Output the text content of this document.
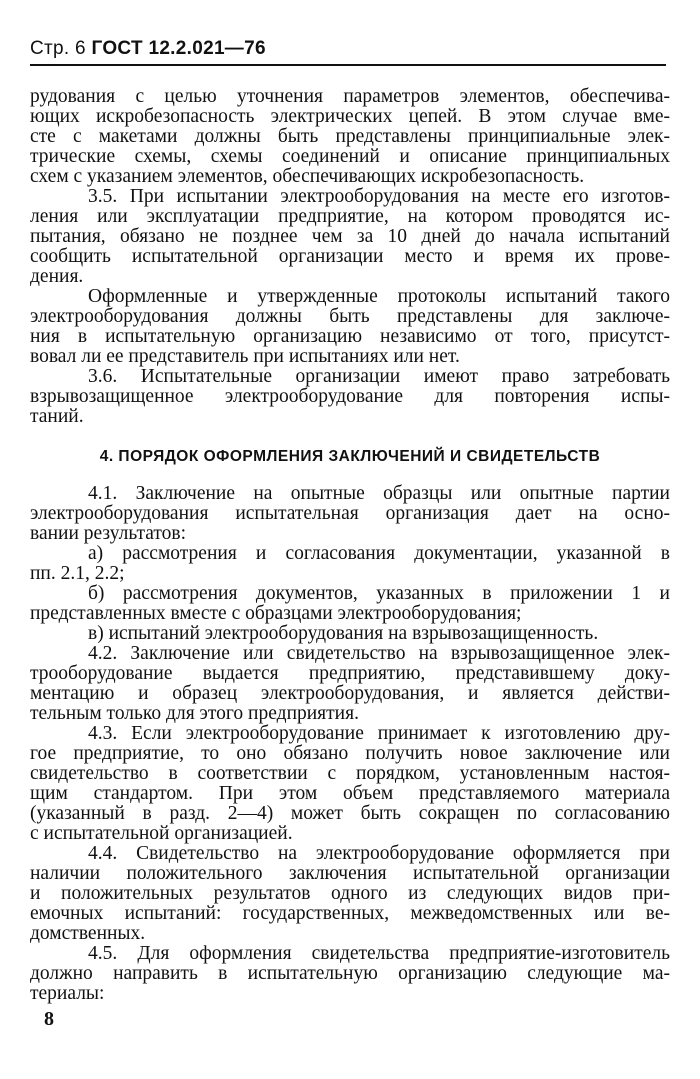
Стр. 6 ГОСТ 12.2.021—76
рудования с целью уточнения параметров элементов, обеспечива-
ющих искробезопасность электрических цепей. В этом случае вме-
сте с макетами должны быть представлены принципиальные элек-
трические схемы, схемы соединений и описание принципиальных
схем с указанием элементов, обеспечивающих искробезопасность.
3.5. При испытании электрооборудования на месте его изготов-
ления или эксплуатации предприятие, на котором проводятся ис-
пытания, обязано не позднее чем за 10 дней до начала испытаний
сообщить испытательной организации место и время их прове-
дения.
Оформленные и утвержденные протоколы испытаний такого
электрооборудования должны быть представлены для заключе-
ния в испытательную организацию независимо от того, присутст-
вовал ли ее представитель при испытаниях или нет.
3.6. Испытательные организации имеют право затребовать
взрывозащищенное электрооборудование для повторения испы-
таний.
4.1. Заключение на опытные образцы или опытные партии
электрооборудования испытательная организация дает на осно-
вании результатов:
а) рассмотрения и согласования документации, указанной в
пп. 2.1, 2.2;
б) рассмотрения документов, указанных в приложении 1 и
представленных вместе с образцами электрооборудования;
в) испытаний электрооборудования на взрывозащищенность.
4.2. Заключение или свидетельство на взрывозащищенное элек-
трооборудование выдается предприятию, представившему доку-
ментацию и образец электрооборудования, и является действи-
тельным только для этого предприятия.
4.3. Если электрооборудование принимает к изготовлению дру-
гое предприятие, то оно обязано получить новое заключение или
свидетельство в соответствии с порядком, установленным настоя-
щим стандартом. При этом объем представляемого материала
(указанный в разд. 2—4) может быть сокращен по согласованию
с испытательной организацией.
4.4. Свидетельство на электрооборудование оформляется при
наличии положительного заключения испытательной организации
и положительных результатов одного из следующих видов при-
емочных испытаний: государственных, межведомственных или ве-
домственных.
4.5. Для оформления свидетельства предприятие-изготовитель
должно направить в испытательную организацию следующие ма-
териалы:
4. ПОРЯДОК ОФОРМЛЕНИЯ ЗАКЛЮЧЕНИЙ И СВИДЕТЕЛЬСТВ
8
